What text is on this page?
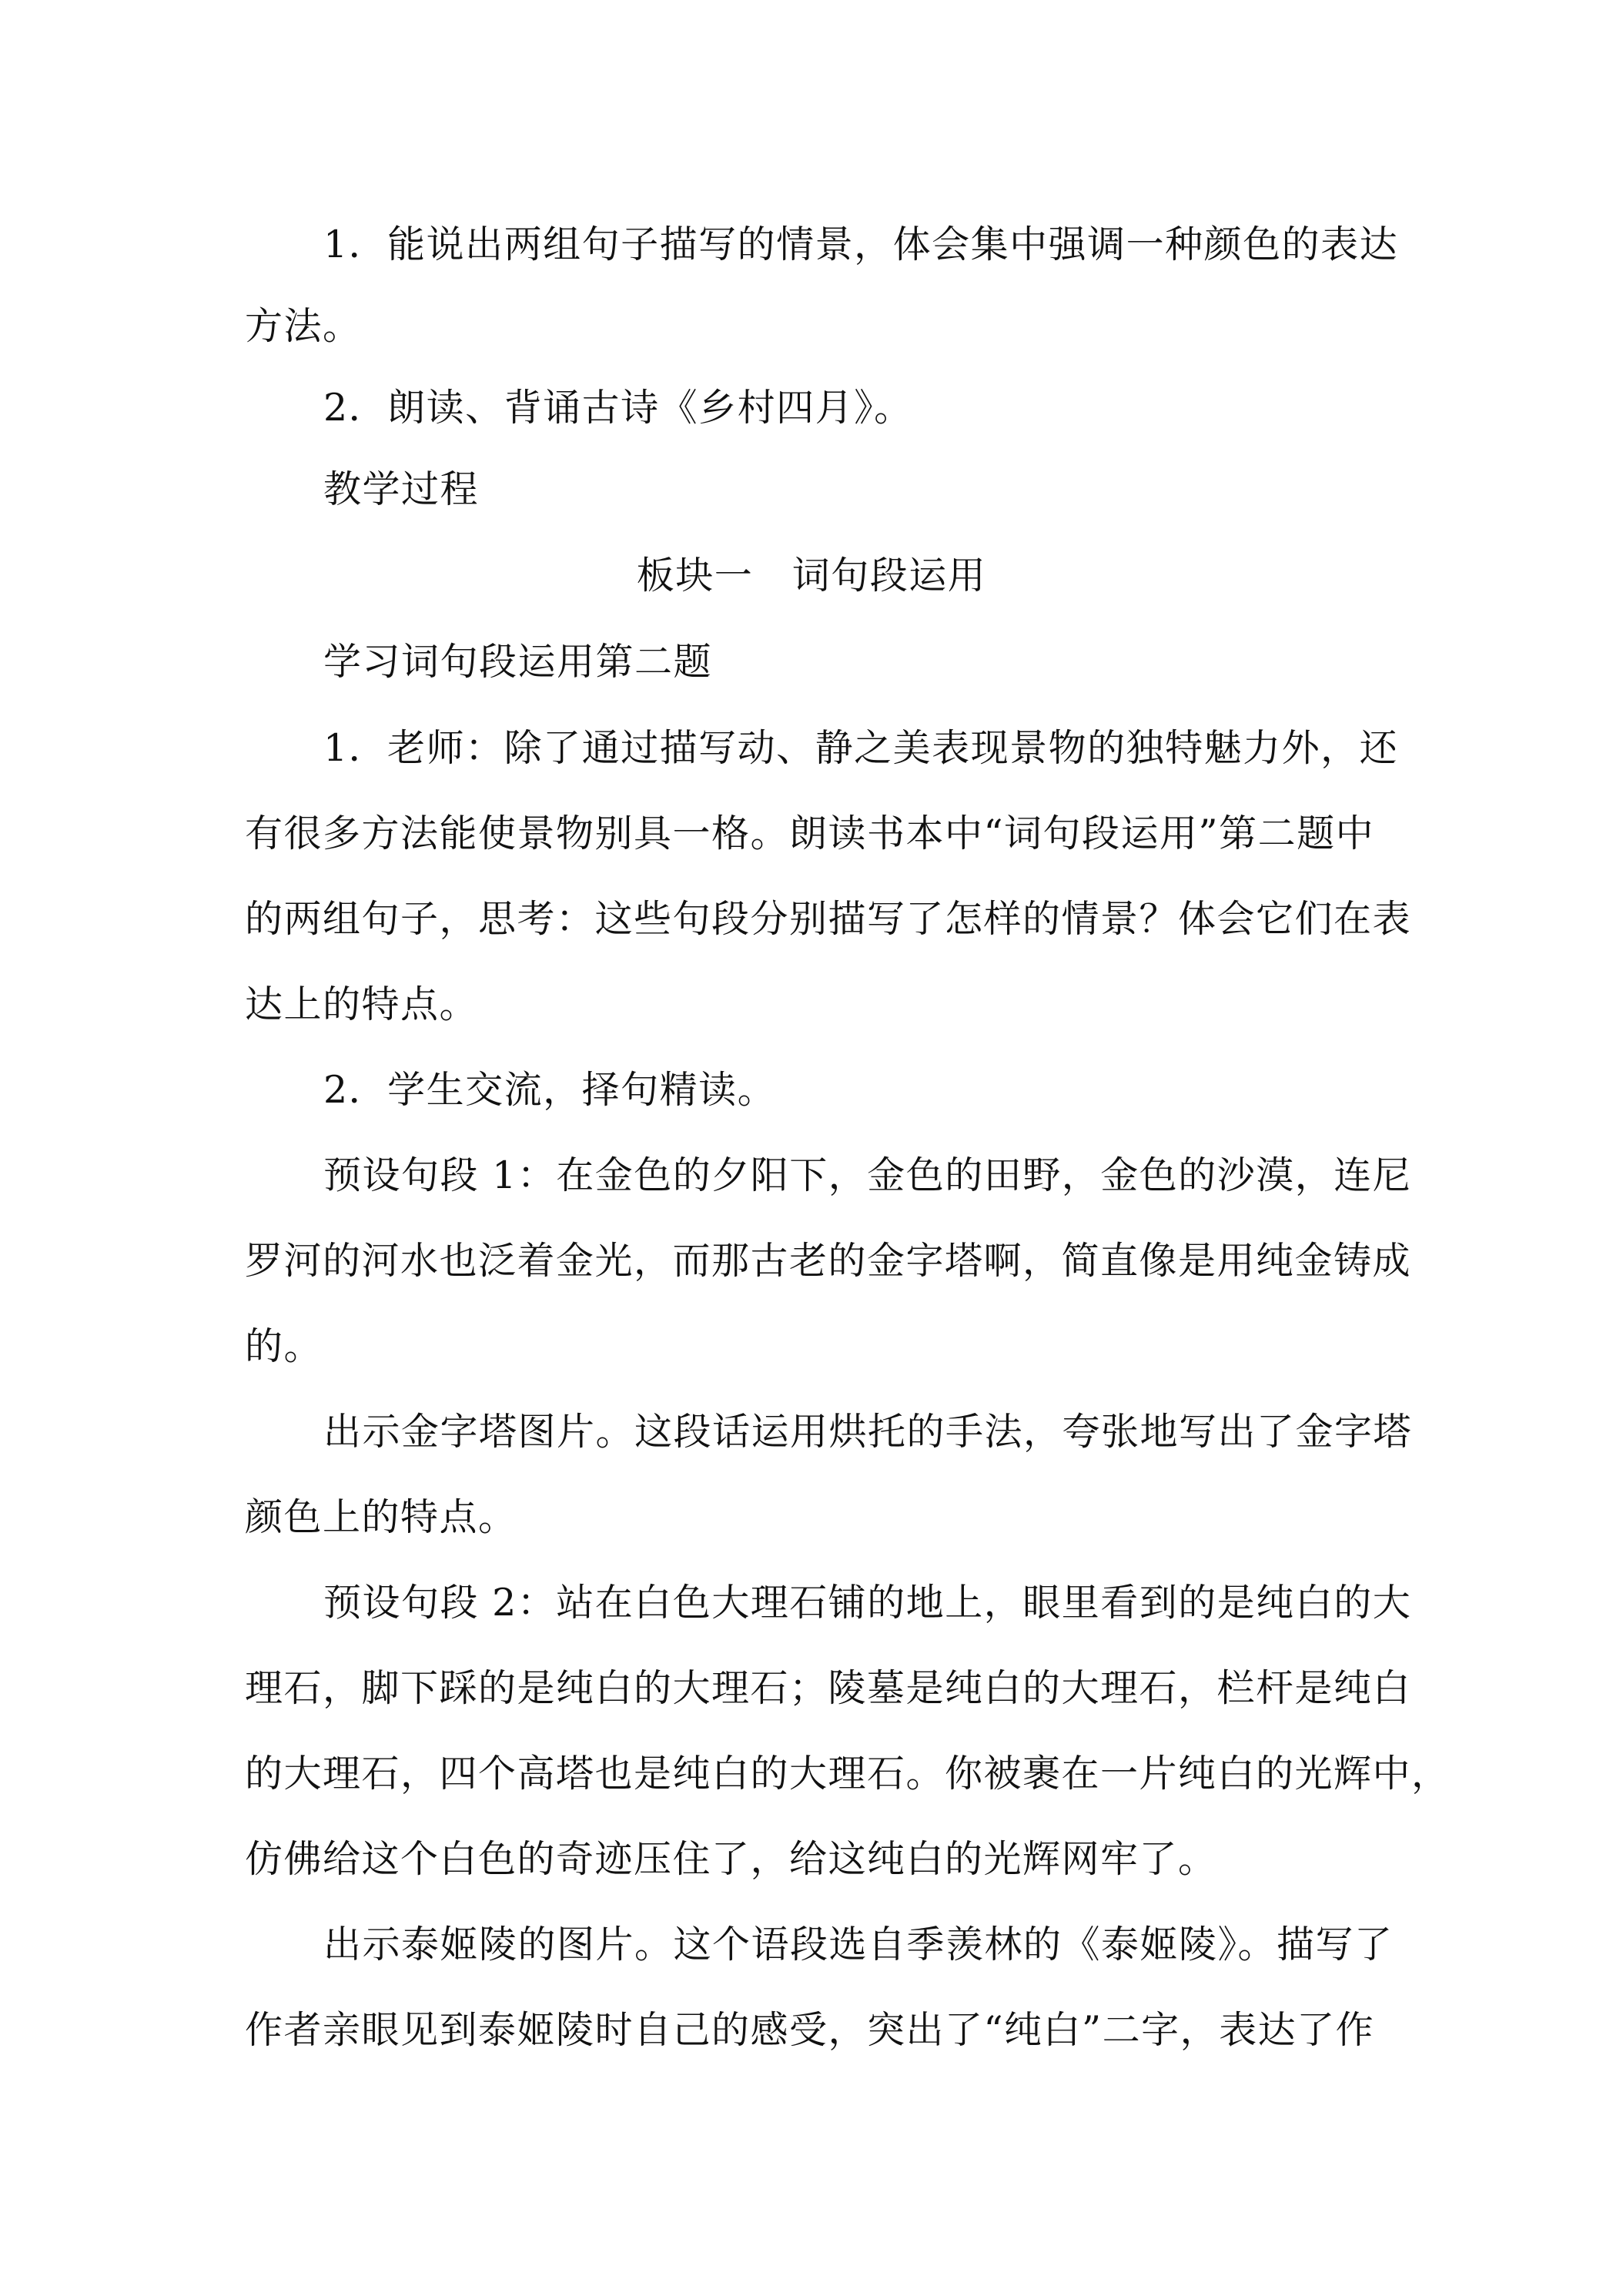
1．能说出两组句子描写的情景，体会集中强调一种颜色的表达
方法。
2．朗读、背诵古诗《乡村四月》。
教学过程
板块一　词句段运用
学习词句段运用第二题
1．老师：除了通过描写动、静之美表现景物的独特魅力外，还
有很多方法能使景物别具一格。朗读书本中“词句段运用”第二题中
的两组句子，思考：这些句段分别描写了怎样的情景？体会它们在表
达上的特点。
2．学生交流，择句精读。
预设句段 1：在金色的夕阳下，金色的田野，金色的沙漠，连尼
罗河的河水也泛着金光，而那古老的金字塔啊，简直像是用纯金铸成
的。
出示金字塔图片。这段话运用烘托的手法，夸张地写出了金字塔
颜色上的特点。
预设句段 2：站在白色大理石铺的地上，眼里看到的是纯白的大
理石，脚下踩的是纯白的大理石；陵墓是纯白的大理石，栏杆是纯白
的大理石，四个高塔也是纯白的大理石。你被裹在一片纯白的光辉中，
仿佛给这个白色的奇迹压住了，给这纯白的光辉网牢了。
出示泰姬陵的图片。这个语段选自季羡林的《泰姬陵》。描写了
作者亲眼见到泰姬陵时自己的感受，突出了“纯白”二字，表达了作
